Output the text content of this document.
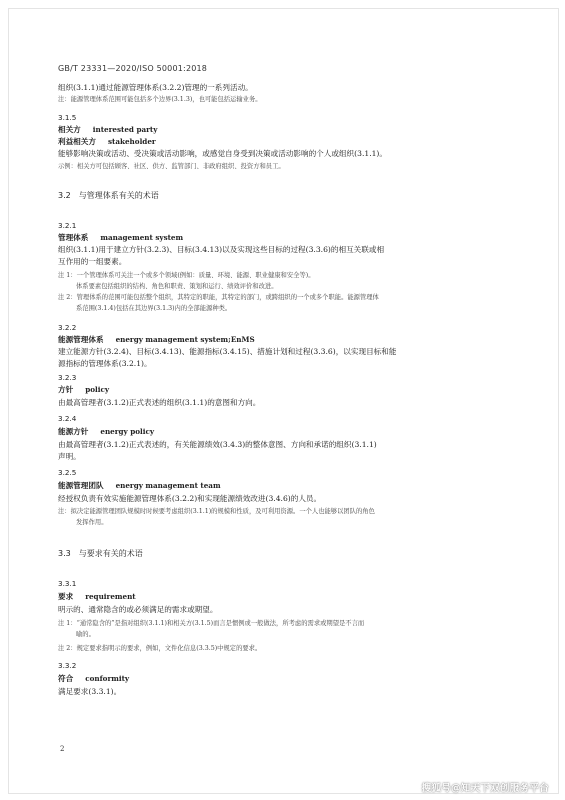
GB/T 23331—2020/ISO 50001:2018
组织(3.1.1)通过能源管理体系(3.2.2)管理的一系列活动。
注：能源管理体系范围可能包括多个边界(3.1.3)，也可能包括运输业务。
3.1.5
相关方 interested party
利益相关方 stakeholder
能够影响决策或活动、受决策或活动影响，或感觉自身受到决策或活动影响的个人或组织(3.1.1)。
示例：相关方可包括顾客、社区、供方、监管部门、非政府组织、投资方和员工。
3.2 与管理体系有关的术语
3.2.1
管理体系 management system
组织(3.1.1)用于建立方针(3.2.3)、目标(3.4.13)以及实现这些目标的过程(3.3.6)的相互关联或相
互作用的一组要素。
注 1：一个管理体系可关注一个或多个领域(例如：质量、环境、能源、职业健康和安全等)。
体系要素包括组织的结构、角色和职责、策划和运行、绩效评价和改进。
注 2：管理体系的范围可能包括整个组织，其特定的职能，其特定的部门，或跨组织的一个或多个职能。能源管理体
系范围(3.1.4)包括在其边界(3.1.3)内的全部能源种类。
3.2.2
能源管理体系 energy management system;EnMS
建立能源方针(3.2.4)、目标(3.4.13)、能源指标(3.4.15)、措施计划和过程(3.3.6)，以实现目标和能
源指标的管理体系(3.2.1)。
3.2.3
方针 policy
由最高管理者(3.1.2)正式表述的组织(3.1.1)的意图和方向。
3.2.4
能源方针 energy policy
由最高管理者(3.1.2)正式表述的，有关能源绩效(3.4.3)的整体意图、方向和承诺的组织(3.1.1)
声明。
3.2.5
能源管理团队 energy management team
经授权负责有效实施能源管理体系(3.2.2)和实现能源绩效改进(3.4.6)的人员。
注：拟决定能源管理团队规模时时候要考虑组织(3.1.1)的规模和性质，及可利用资源。一个人也能够以团队的角色
发挥作用。
3.3 与要求有关的术语
3.3.1
要求 requirement
明示的、通常隐含的或必须满足的需求或期望。
注 1：“通常隐含的”是指对组织(3.1.1)和相关方(3.1.5)而言是惯例或一般做法，所考虑的需求或期望是不言而
喻的。
注 2：规定要求指明示的要求，例如，文件化信息(3.3.5)中规定的要求。
3.3.2
符合 conformity
满足要求(3.3.1)。
2
搜狐号@知天下双创服务平台
